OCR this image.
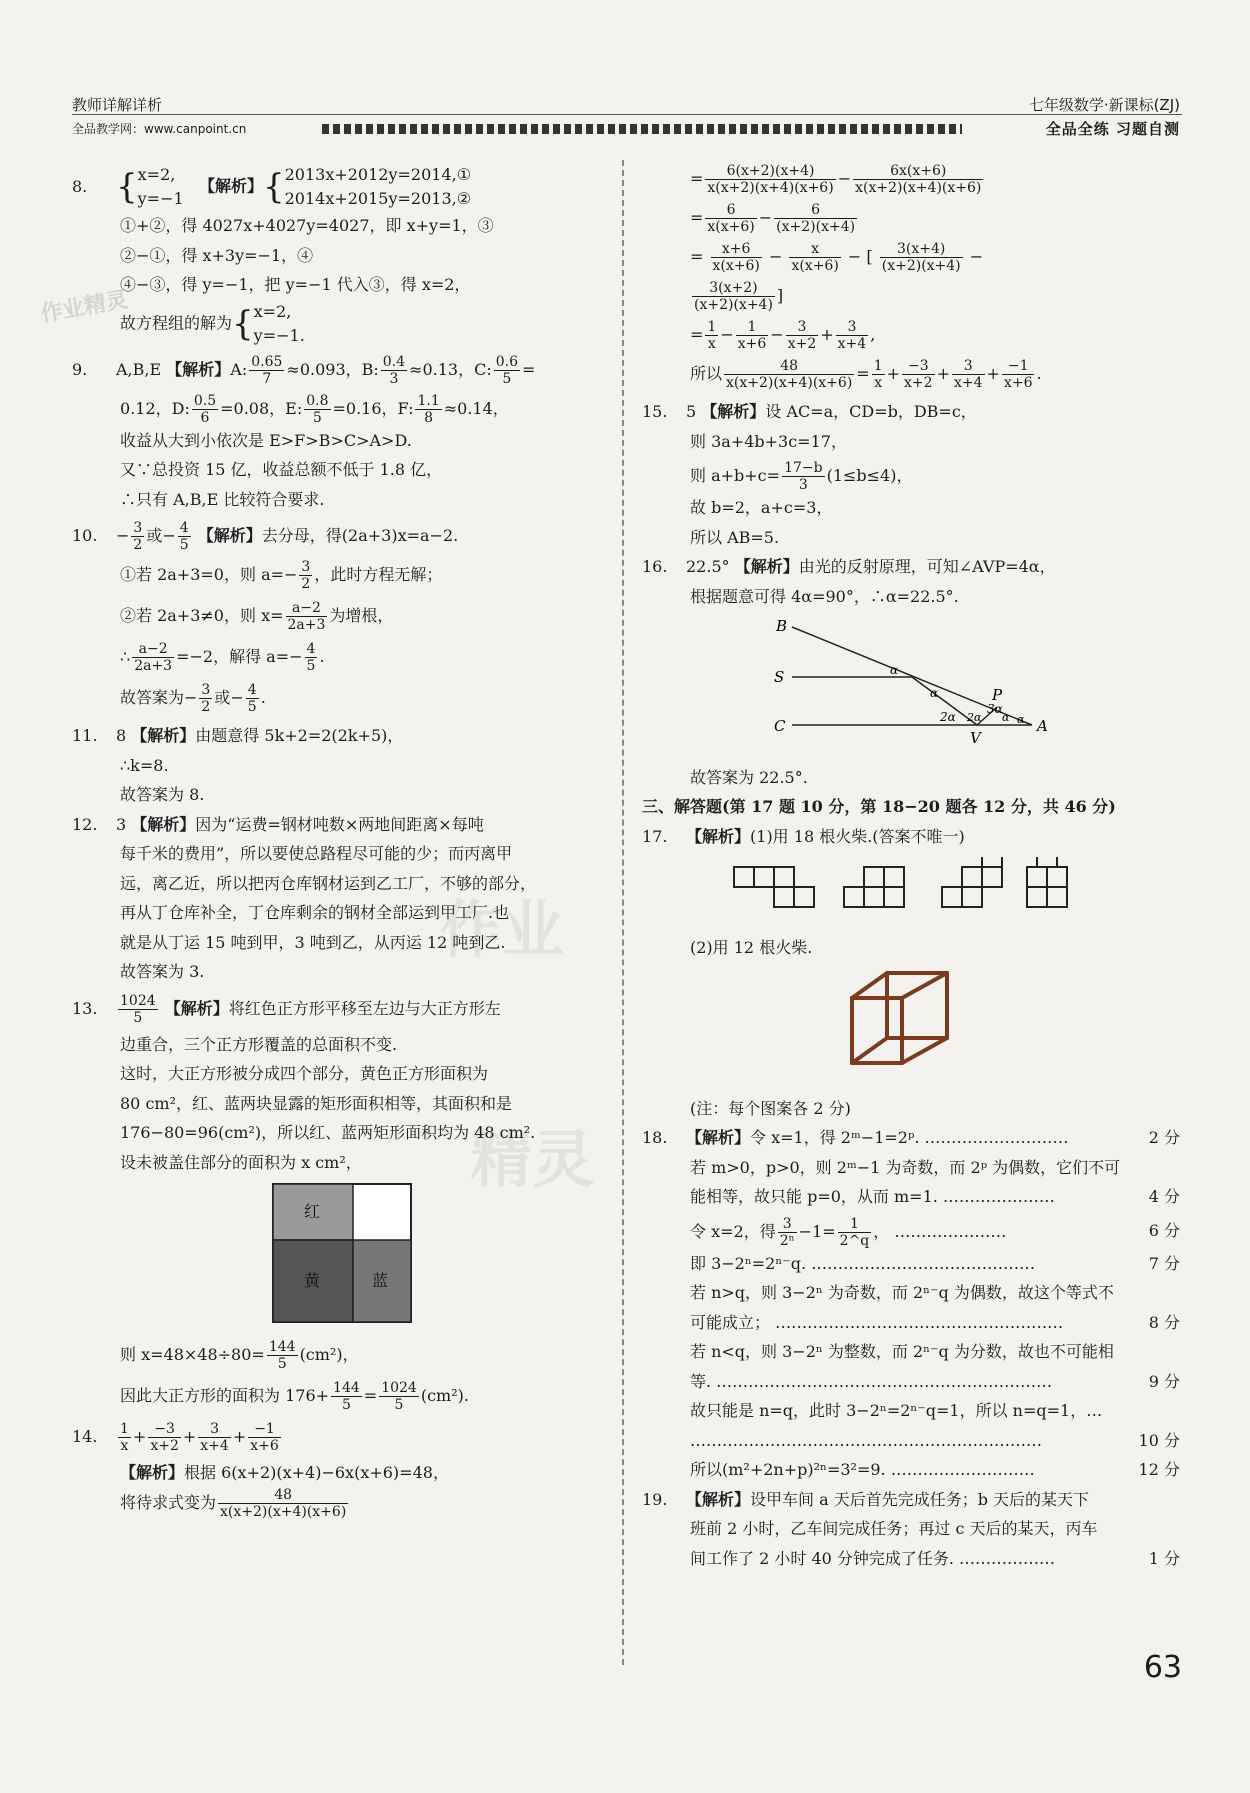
教师详解详析
全品教学网：www.canpoint.cn
七年级数学·新课标(ZJ)
全品全练 习题自测
作业
精灵
作业精灵
8. {x=2,
y=−1   【解析】{2013x+2012y=2014,①
2014x+2015y=2013,②
①+②，得 4027x+4027y=4027，即 x+y=1，③
②−①，得 x+3y=−1，④
④−③，得 y=−1，把 y=−1 代入③，得 x=2，
故方程组的解为{x=2,
y=−1.
9. A,B,E 【解析】A: $\frac{0.65}{7} \approx 0.093$，B: $\frac{0.4}{3} \approx 0.13$，C: $\frac{0.6}{5}$ =
0.12，D: $\frac{0.5}{6} =0.08$，E: $\frac{0.8}{5} =0.16$，F: $\frac{1.1}{8} \approx 0.14$，
收益从大到小依次是 E>F>B>C>A>D.
又∵总投资 15 亿，收益总额不低于 1.8 亿，
∴只有 A,B,E 比较符合要求.
10. − $\frac{3}{2}$ 或− $\frac{4}{5}$ 【解析】去分母，得(2a+3)x=a−2.
①若 2a+3=0，则 $a=- \frac{3}{2}$ ，此时方程无解；
②若 2a+3≠0，则 $x= \frac{a-2}{2a+3}$ 为增根，
∴ $\frac{a-2}{2a+3} =-2$，解得 $a=- \frac{4}{5}$ .
故答案为− $\frac{3}{2}$ 或− $\frac{4}{5}$ .
11. 8 【解析】由题意得 5k+2=2(2k+5)，
∴k=8.
故答案为 8.
12. 3 【解析】因为“运费=钢材吨数×两地间距离×每吨
每千米的费用”，所以要使总路程尽可能的少；而丙离甲
远，离乙近，所以把丙仓库钢材运到乙工厂，不够的部分，
再从丁仓库补全，丁仓库剩余的钢材全部运到甲工厂.也
就是从丁运 15 吨到甲，3 吨到乙，从丙运 12 吨到乙.
故答案为 3.
13. $\frac{1024}{5}$ 【解析】将红色正方形平移至左边与大正方形左
边重合，三个正方形覆盖的总面积不变.
这时，大正方形被分成四个部分，黄色正方形面积为
80 cm²，红、蓝两块显露的矩形面积相等，其面积和是
176−80=96(cm²)，所以红、蓝两矩形面积均为 48 cm².
设未被盖住部分的面积为 x cm²，
红
黄	蓝
则 $x=48\times 48\div 80= \frac{144}{5} (cm^2)$，
因此大正方形的面积为 $176+ \frac{144}{5} = \frac{1024}{5} (cm^2)$.
14. $\frac{1}{x} + \frac{-3}{x+2} + \frac{3}{x+4} + \frac{-1}{x+6}$
【解析】根据 6(x+2)(x+4)−6x(x+6)=48，
将待求式变为 $\frac{48}{x(x+2)(x+4)(x+6)}$
= $\frac{6(x+2)(x+4)}{x(x+2)(x+4)(x+6)} - \frac{6x(x+6)}{x(x+2)(x+4)(x+6)}$
= $\frac{6}{x(x+6)} - \frac{6}{(x+2)(x+4)}$
= $\frac{x+6}{x(x+6)} - \frac{x}{x(x+6)}$ − [ $\frac{3(x+4)}{(x+2)(x+4)}$ −
$\frac{3(x+2)}{(x+2)(x+4)}$ ]
= $\frac{1}{x} - \frac{1}{x+6} - \frac{3}{x+2} + \frac{3}{x+4}$ ,
所以 $\frac{48}{x(x+2)(x+4)(x+6)} = \frac{1}{x} + \frac{-3}{x+2} + \frac{3}{x+4} + \frac{-1}{x+6}$ .
15. 5 【解析】设 AC=a，CD=b，DB=c，
则 3a+4b+3c=17，
则 $a+b+c= \frac{17-b}{3} (1\le b\le 4)$，
故 b=2，a+c=3，
所以 AB=5.
16. 22.5° 【解析】由光的反射原理，可知∠AVP=4α，
根据题意可得 4α=90°，∴α=22.5°.
B
S
C
P
V
A
α
α
3α
2α 2α α α
故答案为 22.5°.
三、解答题(第 17 题 10 分，第 18−20 题各 12 分，共 46 分)
17. 【解析】(1)用 18 根火柴.(答案不唯一)
(2)用 12 根火柴.
(注：每个图案各 2 分)
18. 【解析】令 x=1，得 2ᵐ−1=2ᵖ. ………………………	2 分
若 m>0，p>0，则 2ᵐ−1 为奇数，而 2ᵖ 为偶数，它们不可
能相等，故只能 p=0，从而 m=1. …………………	4 分
令 x=2，得 $\frac{3}{\text{2ⁿ}} -1= \frac{1}{2\^{}q}$ ， …………………	6 分
即 3−2ⁿ=2ⁿ⁻q. ……………………………………	7 分
若 n>q，则 3−2ⁿ 为奇数，而 2ⁿ⁻q 为偶数，故这个等式不
可能成立； ………………………………………………	8 分
若 n<q，则 3−2ⁿ 为整数，而 2ⁿ⁻q 为分数，故也不可能相
等. ………………………………………………………	9 分
故只能是 n=q，此时 3−2ⁿ=2ⁿ⁻q=1，所以 n=q=1，…
…………………………………………………………	10 分
所以(m²+2n+p)²ⁿ=3²=9. ………………………	12 分
19. 【解析】设甲车间 a 天后首先完成任务；b 天后的某天下
班前 2 小时，乙车间完成任务；再过 c 天后的某天，丙车
间工作了 2 小时 40 分钟完成了任务. ………………	1 分
63
